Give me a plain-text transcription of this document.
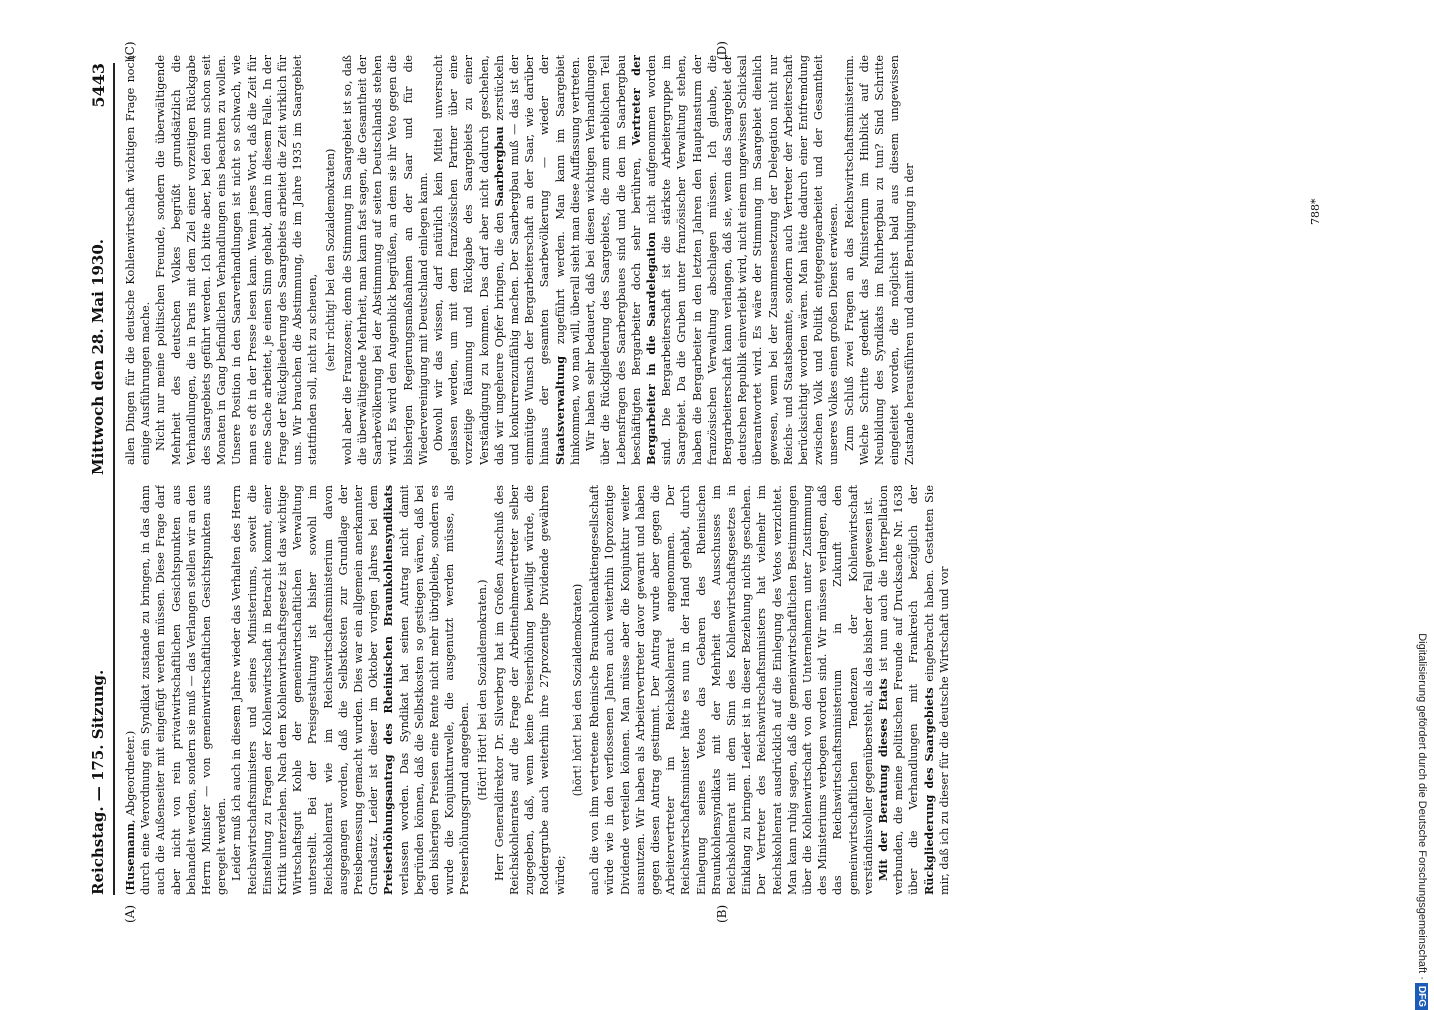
Reichstag. — 175. Sitzung.
Mittwoch den 28. Mai 1930.
5443
(A)	(B)
(C)	(D)

(Husemann, Abgeordneter.) durch eine Verordnung ein Syndikat zustande zu bringen, in das dann auch die Außenseiter mit eingefügt werden müssen. Diese Frage darf aber nicht von rein privatwirtschaftlichen Gesichtspunkten aus behandelt werden, sondern sie muß — das Verlangen stellen wir an den Herrn Minister — von gemeinwirtschaftlichen Gesichtspunkten aus geregelt werden. Leider muß ich auch in diesem Jahre wieder das Verhalten des Herrn Reichswirtschaftsministers und seines Ministeriums, soweit die Einstellung zu Fragen der Kohlenwirtschaft in Betracht kommt, einer Kritik unterziehen. Nach dem Kohlenwirtschaftsgesetz ist das wichtige Wirtschaftsgut Kohle der gemeinwirtschaftlichen Verwaltung unterstellt. Bei der Preisgestaltung ist bisher sowohl im Reichskohlenrat wie im Reichswirtschaftsministerium davon ausgegangen worden, daß die Selbstkosten zur Grundlage der Preisbemessung gemacht wurden. Dies war ein allgemein anerkannter Grundsatz. Leider ist dieser im Oktober vorigen Jahres bei dem Preiserhöhungsantrag des Rheinischen Braunkohlensyndikats verlassen worden. Das Syndikat hat seinen Antrag nicht damit begründen können, daß die Selbstkosten so gestiegen wären, daß bei den bisherigen Preisen eine Rente nicht mehr übrigbleibe, sondern es wurde die Konjunkturwelle, die ausgenutzt werden müsse, als Preiserhöhungsgrund angegeben. (Hört! Hört! bei den Sozialdemokraten.) Herr Generaldirektor Dr. Silverberg hat im Großen Ausschuß des Reichskohlenrates auf die Frage der Arbeitnehmervertreter selber zugegeben, daß, wenn keine Preiserhöhung bewilligt würde, die Roddergrube auch weiterhin ihre 27prozentige Dividende gewähren würde;

(hört! hört! bei den Sozialdemokraten) auch die von ihm vertretene Rheinische Braunkohlenaktiengesellschaft würde wie in den verflossenen Jahren auch weiterhin 10prozentige Dividende verteilen können. Man müsse aber die Konjunktur weiter ausnutzen. Wir haben als Arbeitervertreter davor gewarnt und haben gegen diesen Antrag gestimmt. Der Antrag wurde aber gegen die Arbeitervertreter im Reichskohlenrat angenommen. Der Reichswirtschaftsminister hätte es nun in der Hand gehabt, durch Einlegung seines Vetos das Gebaren des Rheinischen Braunkohlensyndikats mit der Mehrheit des Ausschusses im Reichskohlenrat mit dem Sinn des Kohlenwirtschaftsgesetzes in Einklang zu bringen. Leider ist in dieser Beziehung nichts geschehen. Der Vertreter des Reichswirtschaftsministers hat vielmehr im Reichskohlenrat ausdrücklich auf die Einlegung des Vetos verzichtet. Man kann ruhig sagen, daß die gemeinwirtschaftlichen Bestimmungen über die Kohlenwirtschaft von den Unternehmern unter Zustimmung des Ministeriums verbogen worden sind. Wir müssen verlangen, daß das Reichswirtschaftsministerium in Zukunft den gemeinwirtschaftlichen Tendenzen der Kohlenwirtschaft verständnisvoller gegenübersteht, als das bisher der Fall gewesen ist. Mit der Beratung dieses Etats ist nun auch die Interpellation verbunden, die meine politischen Freunde auf Drucksache Nr. 1638 über die Verhandlungen mit Frankreich bezüglich der Rückgliederung des Saargebiets eingebracht haben. Gestatten Sie mir, daß ich zu dieser für die deutsche Wirtschaft und vor

allen Dingen für die deutsche Kohlenwirtschaft wichtigen Frage noch einige Ausführungen mache. Nicht nur meine politischen Freunde, sondern die überwältigende Mehrheit des deutschen Volkes begrüßt grundsätzlich die Verhandlungen, die in Paris mit dem Ziel einer vorzeitigen Rückgabe des Saargebiets geführt werden. Ich bitte aber, bei den nun schon seit Monaten in Gang befindlichen Verhandlungen eins beachten zu wollen. Unsere Position in den Saarverhandlungen ist nicht so schwach, wie man es oft in der Presse lesen kann. Wenn jenes Wort, daß die Zeit für eine Sache arbeitet, je einen Sinn gehabt, dann in diesem Falle. In der Frage der Rückgliederung des Saargebiets arbeitet die Zeit wirklich für uns. Wir brauchen die Abstimmung, die im Jahre 1935 im Saargebiet stattfinden soll, nicht zu scheuen, (sehr richtig! bei den Sozialdemokraten) wohl aber die Franzosen; denn die Stimmung im Saargebiet ist so, daß die überwältigende Mehrheit, man kann fast sagen, die Gesamtheit der Saarbevölkerung bei der Abstimmung auf seiten Deutschlands stehen wird. Es wird den Augenblick begrüßen, an dem sie ihr Veto gegen die bisherigen Regierungsmaßnahmen an der Saar und für die Wiedervereinigung mit Deutschland einlegen kann. Obwohl wir das wissen, darf natürlich kein Mittel unversucht gelassen werden, um mit dem französischen Partner über eine vorzeitige Räumung und Rückgabe des Saargebiets zu einer Verständigung zu kommen. Das darf aber nicht dadurch geschehen, daß wir ungeheure Opfer bringen, die den Saarbergbau zerstückeln und konkurrenzunfähig machen. Der Saarbergbau muß — das ist der einmütige Wunsch der Bergarbeiterschaft an der Saar, wie darüber hinaus der gesamten Saarbevölkerung — wieder der Staatsverwaltung zugeführt werden. Man kann im Saargebiet hinkommen, wo man will, überall sieht man diese Auffassung vertreten. Wir haben sehr bedauert, daß bei diesen wichtigen Verhandlungen über die Rückgliederung des Saargebiets, die zum erheblichen Teil Lebensfragen des Saarbergbaues sind und die den im Saarbergbau beschäftigten Bergarbeiter doch sehr berühren, Vertreter der Bergarbeiter in die Saardelegation nicht aufgenommen worden sind. Die Bergarbeiterschaft ist die stärkste Arbeitergruppe im Saargebiet. Da die Gruben unter französischer Verwaltung stehen, haben die Bergarbeiter in den letzten Jahren den Hauptansturm der französischen Verwaltung abschlagen müssen. Ich glaube, die Bergarbeiterschaft kann verlangen, daß sie, wenn das Saargebiet der deutschen Republik einverleibt wird, nicht einem ungewissen Schicksal überantwortet wird. Es wäre der Stimmung im Saargebiet dienlich gewesen, wenn bei der Zusammensetzung der Delegation nicht nur Reichs- und Staatsbeamte, sondern auch Vertreter der Arbeiterschaft berücksichtigt worden wären. Man hätte dadurch einer Entfremdung zwischen Volk und Politik entgegengearbeitet und der Gesamtheit unseres Volkes einen großen Dienst erwiesen. Zum Schluß zwei Fragen an das Reichswirtschaftsministerium. Welche Schritte gedenkt das Ministerium im Hinblick auf die Neubildung des Syndikats im Ruhrbergbau zu tun? Sind Schritte eingeleitet worden, die möglichst bald aus diesem ungewissen Zustande herausführen und damit Beruhigung in der	788*
Digitalisierung gefördert durch die Deutsche Forschungsgemeinschaft ·DFG
